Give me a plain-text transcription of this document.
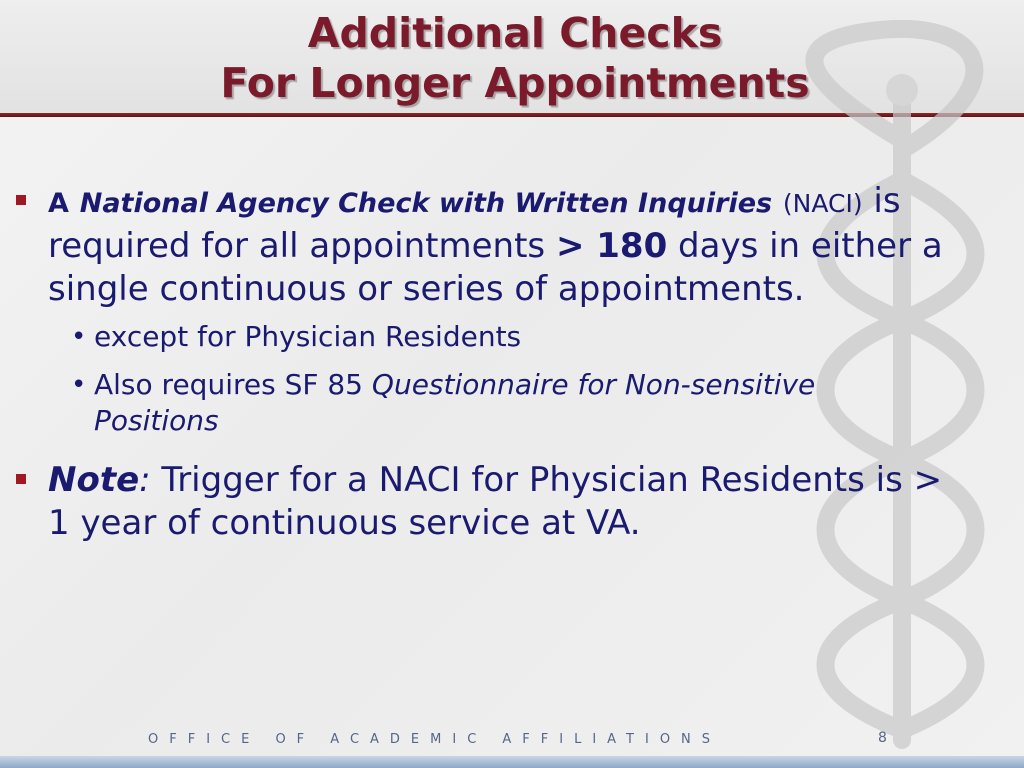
Additional Checks
For Longer Appointments
A National Agency Check with Written Inquiries (NACI) is required for all appointments > 180 days in either a single continuous or series of appointments.
• except for Physician Residents
• Also requires SF 85 Questionnaire for Non-sensitive Positions
Note: Trigger for a NACI for Physician Residents is > 1 year of continuous service at VA.
OFFICE OF ACADEMIC AFFILIATIONS	8
